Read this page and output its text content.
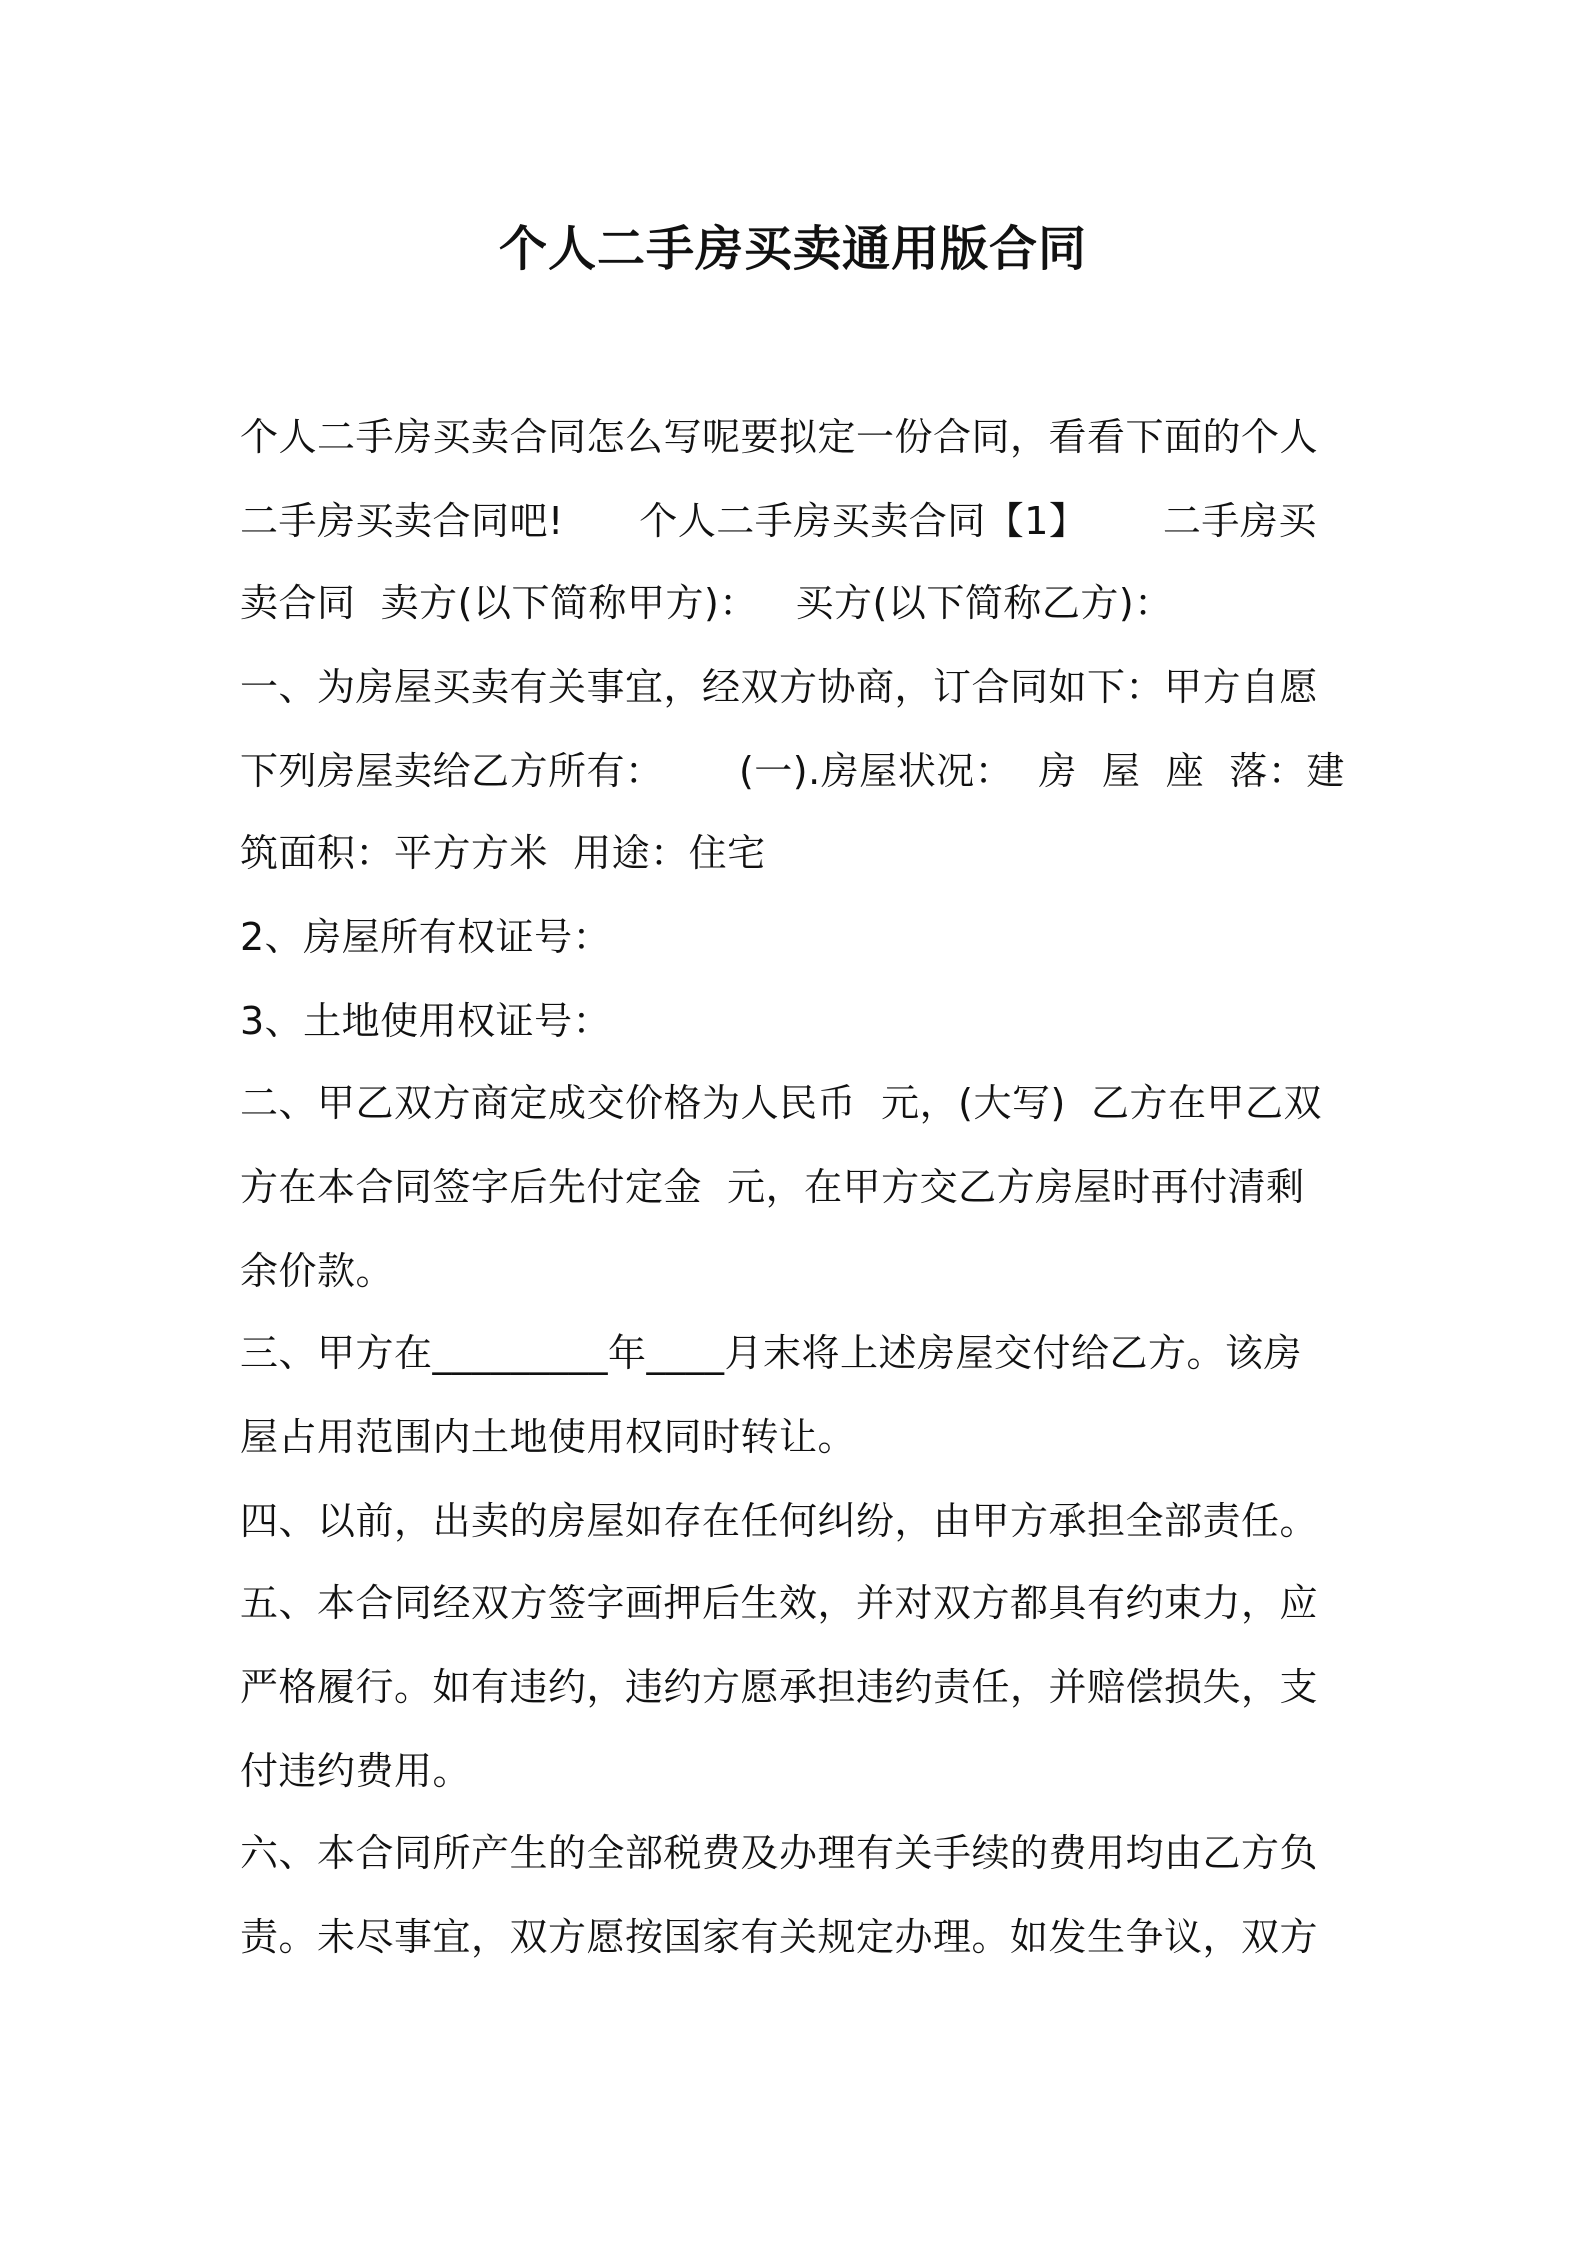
个人二手房买卖通用版合同
个人二手房买卖合同怎么写呢要拟定一份合同，看看下面的个人
二手房买卖合同吧!      个人二手房买卖合同【1】      二手房买
卖合同  卖方(以下简称甲方)：   买方(以下简称乙方)：
一、为房屋买卖有关事宜，经双方协商，订合同如下：甲方自愿
下列房屋卖给乙方所有：      (一).房屋状况：  房  屋  座  落：建
筑面积：平方方米  用途：住宅
2、房屋所有权证号：
3、土地使用权证号：
二、甲乙双方商定成交价格为人民币  元，(大写)  乙方在甲乙双
方在本合同签字后先付定金  元，在甲方交乙方房屋时再付清剩
余价款。
三、甲方在_________年____月末将上述房屋交付给乙方。该房
屋占用范围内土地使用权同时转让。
四、以前，出卖的房屋如存在任何纠纷，由甲方承担全部责任。
五、本合同经双方签字画押后生效，并对双方都具有约束力，应
严格履行。如有违约，违约方愿承担违约责任，并赔偿损失，支
付违约费用。
六、本合同所产生的全部税费及办理有关手续的费用均由乙方负
责。未尽事宜，双方愿按国家有关规定办理。如发生争议，双方
